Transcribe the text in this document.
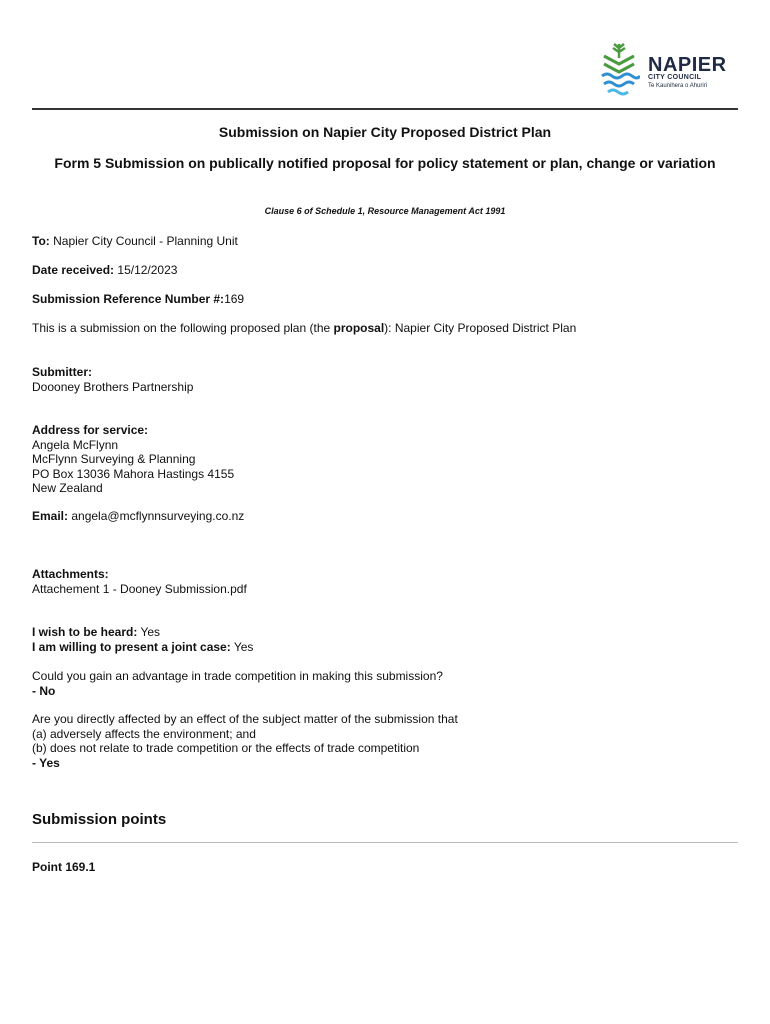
NAPIER
CITY COUNCIL
Te Kaunihera o Ahuriri
Submission on Napier City Proposed District Plan
Form 5 Submission on publically notified proposal for policy statement or plan, change or variation
Clause 6 of Schedule 1, Resource Management Act 1991
To: Napier City Council - Planning Unit
Date received: 15/12/2023
Submission Reference Number #:169
This is a submission on the following proposed plan (the proposal): Napier City Proposed District Plan
Submitter:
Doooney Brothers Partnership
Address for service:
Angela McFlynn
McFlynn Surveying & Planning
PO Box 13036 Mahora Hastings 4155
New Zealand
Email: angela@mcflynnsurveying.co.nz
Attachments:
Attachement 1 - Dooney Submission.pdf
I wish to be heard: Yes
I am willing to present a joint case: Yes
Could you gain an advantage in trade competition in making this submission?
- No
Are you directly affected by an effect of the subject matter of the submission that
(a) adversely affects the environment; and
(b) does not relate to trade competition or the effects of trade competition
- Yes
Submission points
Point 169.1
